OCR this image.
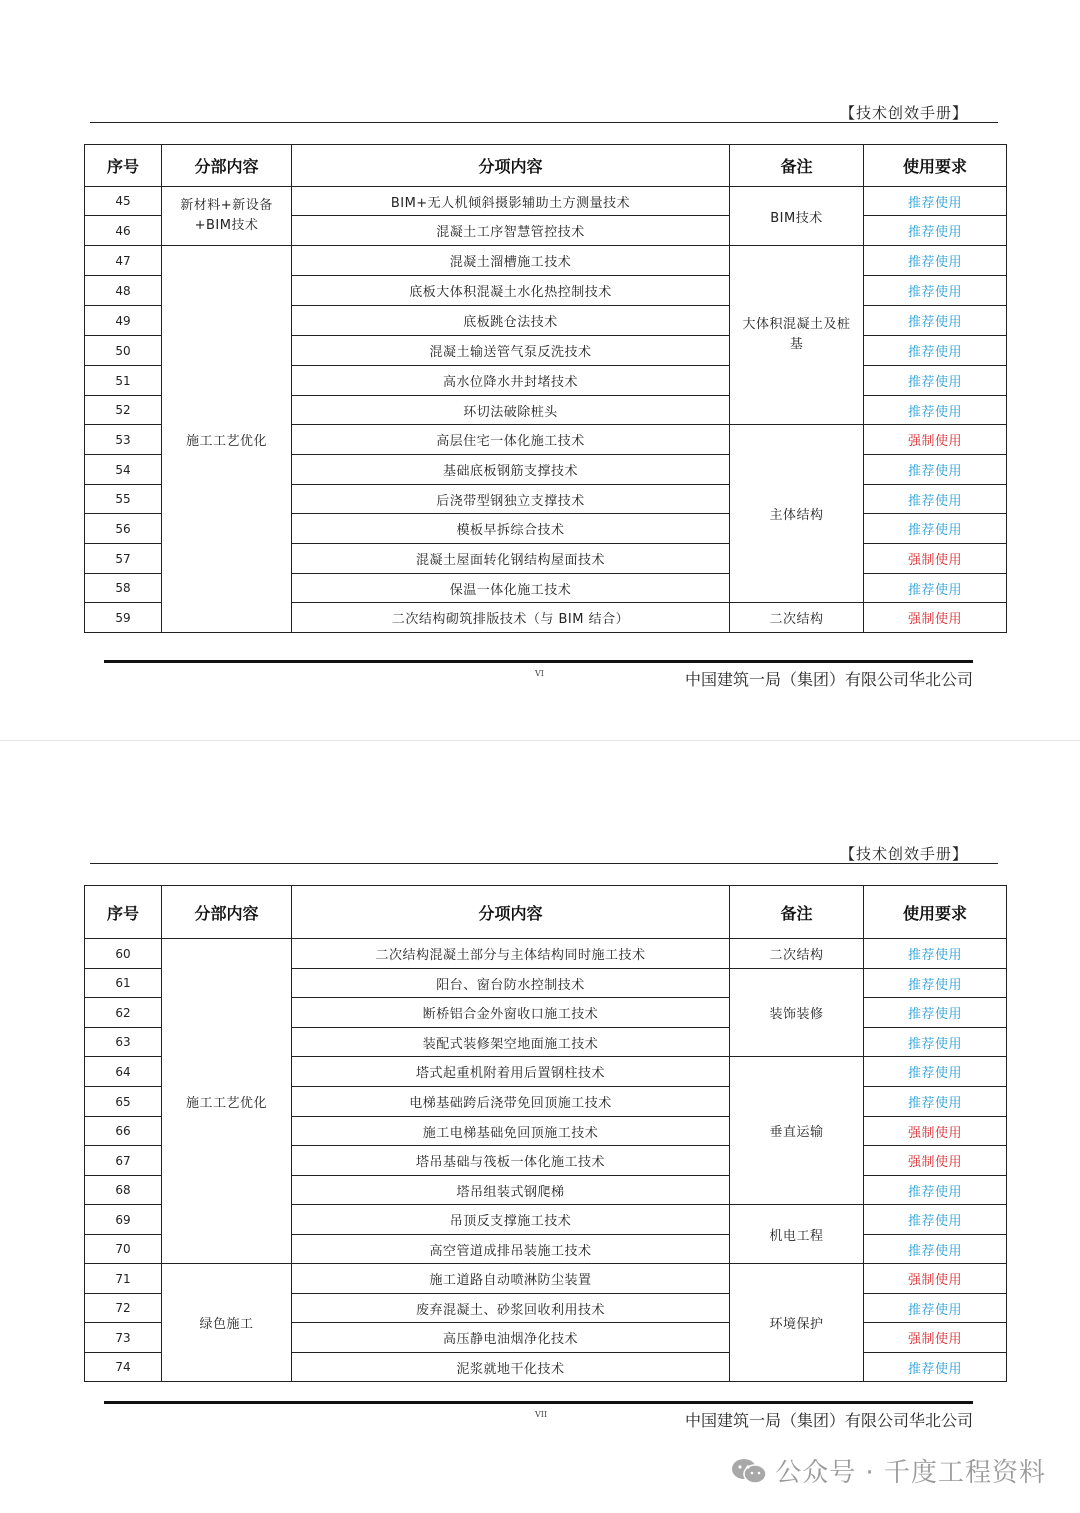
【技术创效手册】
序号	分部内容	分项内容	备注	使用要求
45	新材料+新设备+BIM技术	BIM+无人机倾斜摄影辅助土方测量技术	BIM技术	推荐使用
46		混凝土工序智慧管控技术		推荐使用
47	施工工艺优化	混凝土溜槽施工技术	大体积混凝土及桩基	推荐使用
48		底板大体积混凝土水化热控制技术		推荐使用
49		底板跳仓法技术		推荐使用
50		混凝土输送管气泵反洗技术		推荐使用
51		高水位降水井封堵技术		推荐使用
52		环切法破除桩头		推荐使用
53		高层住宅一体化施工技术	主体结构	强制使用
54		基础底板钢筋支撑技术		推荐使用
55		后浇带型钢独立支撑技术		推荐使用
56		模板早拆综合技术		推荐使用
57		混凝土屋面转化钢结构屋面技术		强制使用
58		保温一体化施工技术		推荐使用
59		二次结构砌筑排版技术（与 BIM 结合）	二次结构	强制使用
VI	中国建筑一局（集团）有限公司华北公司
【技术创效手册】
序号	分部内容	分项内容	备注	使用要求
60	施工工艺优化	二次结构混凝土部分与主体结构同时施工技术	二次结构	推荐使用
61		阳台、窗台防水控制技术	装饰装修	推荐使用
62		断桥铝合金外窗收口施工技术		推荐使用
63		装配式装修架空地面施工技术		推荐使用
64		塔式起重机附着用后置钢柱技术	垂直运输	推荐使用
65		电梯基础跨后浇带免回顶施工技术		推荐使用
66		施工电梯基础免回顶施工技术		强制使用
67		塔吊基础与筏板一体化施工技术		强制使用
68		塔吊组装式钢爬梯		推荐使用
69		吊顶反支撑施工技术	机电工程	推荐使用
70		高空管道成排吊装施工技术		推荐使用
71	绿色施工	施工道路自动喷淋防尘装置	环境保护	强制使用
72		废弃混凝土、砂浆回收利用技术		推荐使用
73		高压静电油烟净化技术		强制使用
74		泥浆就地干化技术		推荐使用
VII	中国建筑一局（集团）有限公司华北公司
公众号 · 千度工程资料
